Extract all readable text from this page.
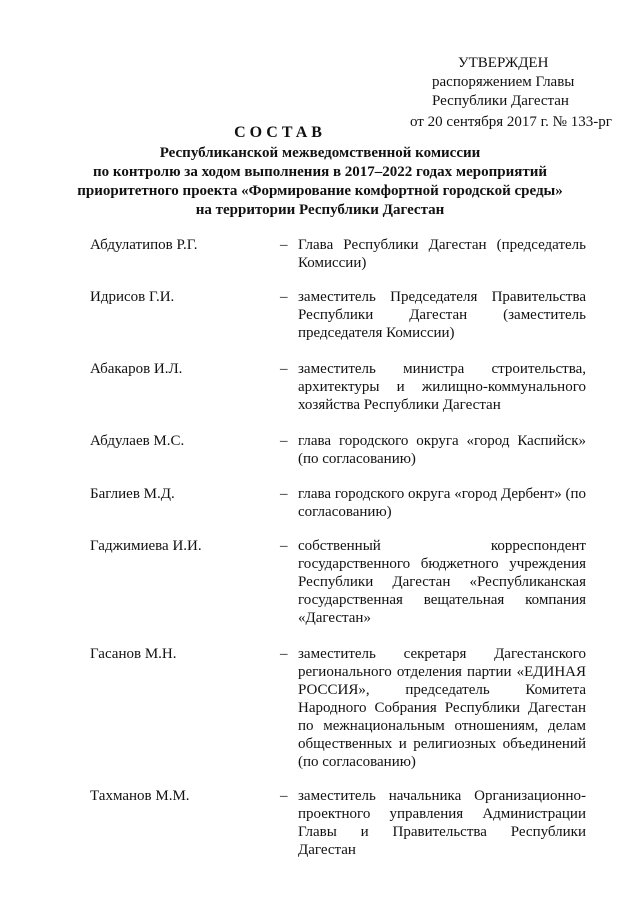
УТВЕРЖДЕН
распоряжением Главы
Республики Дагестан
от 20 сентября 2017 г. № 133-рг
СОСТАВ
Республиканской межведомственной комиссии
по контролю за ходом выполнения в 2017–2022 годах мероприятий
приоритетного проекта «Формирование комфортной городской среды»
на территории Республики Дагестан
Абдулатипов Р.Г.	– Глава Республики Дагестан (председатель Комиссии)
Идрисов Г.И.	– заместитель Председателя Правительства Республики Дагестан (заместитель председателя Комиссии)
Абакаров И.Л.	– заместитель министра строительства, архитектуры и жилищно-коммунального хозяйства Республики Дагестан
Абдулаев М.С.	– глава городского округа «город Каспийск» (по согласованию)
Баглиев М.Д.	– глава городского округа «город Дербент» (по согласованию)
Гаджимиева И.И.	– собственный корреспондент государственного бюджетного учреждения Республики Дагестан «Республиканская государственная вещательная компания «Дагестан»
Гасанов М.Н.	– заместитель секретаря Дагестанского регионального отделения партии «ЕДИНАЯ РОССИЯ», председатель Комитета Народного Собрания Республики Дагестан по межнациональным отношениям, делам общественных и религиозных объединений (по согласованию)
Тахманов М.М.	– заместитель начальника Организационно-проектного управления Администрации Главы и Правительства Республики Дагестан
